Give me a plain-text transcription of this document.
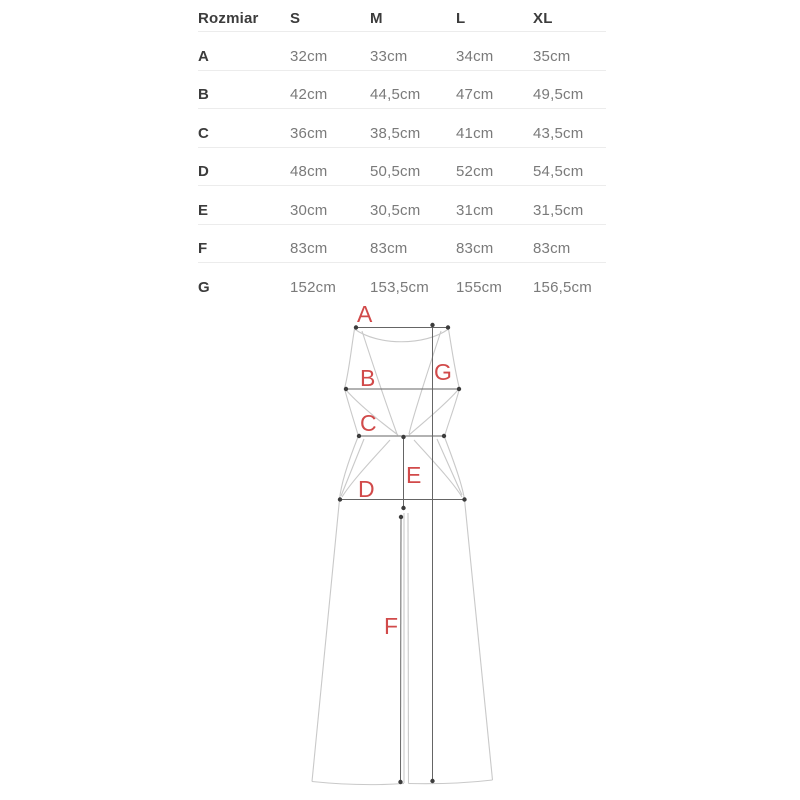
Rozmiar	S	M	L	XL
A	32cm	33cm	34cm	35cm
B	42cm	44,5cm	47cm	49,5cm
C	36cm	38,5cm	41cm	43,5cm
D	48cm	50,5cm	52cm	54,5cm
E	30cm	30,5cm	31cm	31,5cm
F	83cm	83cm	83cm	83cm
G	152cm	153,5cm	155cm	156,5cm
A
B	G
C
E
D
F
